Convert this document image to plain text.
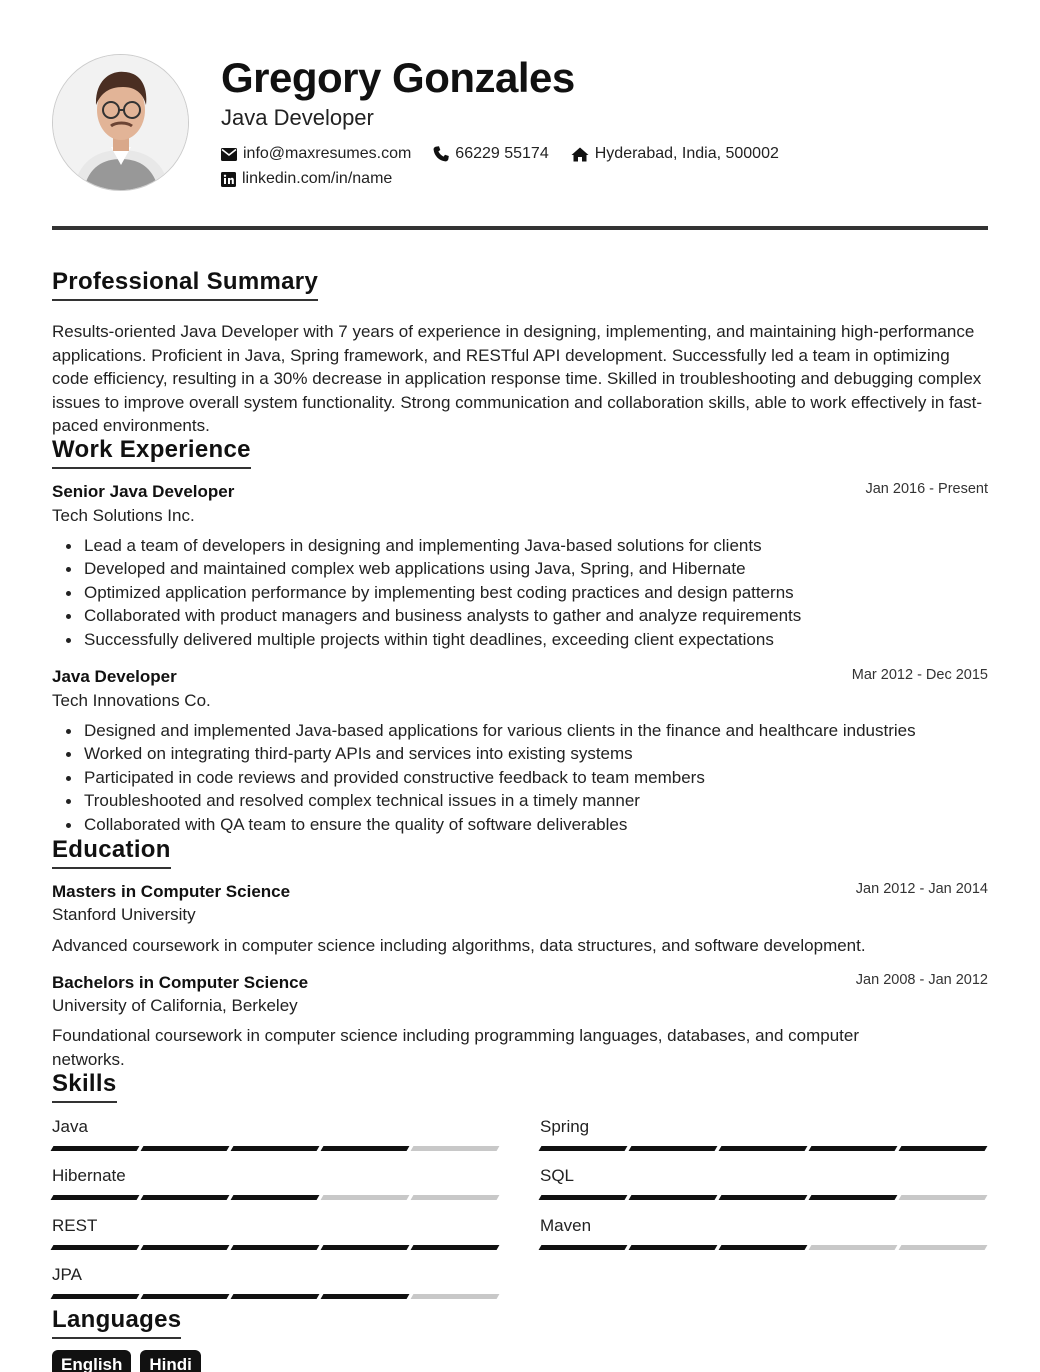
Gregory Gonzales
Java Developer
info@maxresumes.com	66229 55174	Hyderabad, India, 500002
linkedin.com/in/name
Professional Summary
Results-oriented Java Developer with 7 years of experience in designing, implementing, and maintaining high-performance applications. Proficient in Java, Spring framework, and RESTful API development. Successfully led a team in optimizing code efficiency, resulting in a 30% decrease in application response time. Skilled in troubleshooting and debugging complex issues to improve overall system functionality. Strong communication and collaboration skills, able to work effectively in fast-paced environments.
Work Experience
Senior Java Developer	Jan 2016 - Present
Tech Solutions Inc.
Lead a team of developers in designing and implementing Java-based solutions for clients
Developed and maintained complex web applications using Java, Spring, and Hibernate
Optimized application performance by implementing best coding practices and design patterns
Collaborated with product managers and business analysts to gather and analyze requirements
Successfully delivered multiple projects within tight deadlines, exceeding client expectations
Java Developer	Mar 2012 - Dec 2015
Tech Innovations Co.
Designed and implemented Java-based applications for various clients in the finance and healthcare industries
Worked on integrating third-party APIs and services into existing systems
Participated in code reviews and provided constructive feedback to team members
Troubleshooted and resolved complex technical issues in a timely manner
Collaborated with QA team to ensure the quality of software deliverables
Education
Masters in Computer Science	Jan 2012 - Jan 2014
Stanford University
Advanced coursework in computer science including algorithms, data structures, and software development.
Bachelors in Computer Science	Jan 2008 - Jan 2012
University of California, Berkeley
Foundational coursework in computer science including programming languages, databases, and computer networks.
Skills
Java	Spring
Hibernate	SQL
REST	Maven
JPA
Languages
English	Hindi
